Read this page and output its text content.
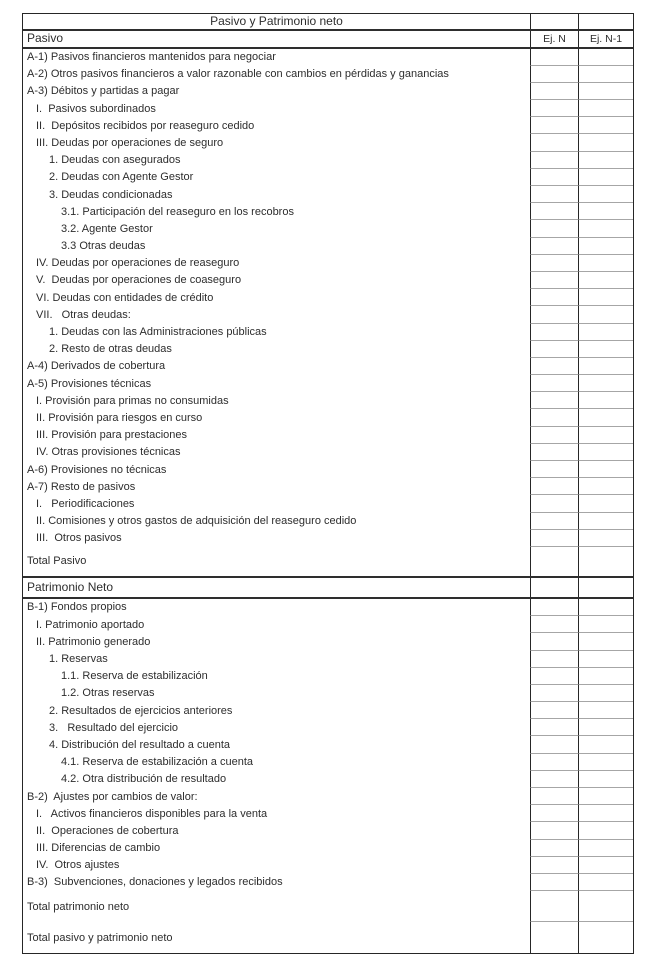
Pasivo y Patrimonio neto
Pasivo	Ej. N	Ej. N-1
A-1) Pasivos financieros mantenidos para negociar
A-2) Otros pasivos financieros a valor razonable con cambios en pérdidas y ganancias
A-3) Débitos y partidas a pagar
I.  Pasivos subordinados
II.  Depósitos recibidos por reaseguro cedido
III. Deudas por operaciones de seguro
1. Deudas con asegurados
2. Deudas con Agente Gestor
3. Deudas condicionadas
3.1. Participación del reaseguro en los recobros
3.2. Agente Gestor
3.3 Otras deudas
IV. Deudas por operaciones de reaseguro
V.  Deudas por operaciones de coaseguro
VI. Deudas con entidades de crédito
VII.   Otras deudas:
1. Deudas con las Administraciones públicas
2. Resto de otras deudas
A-4) Derivados de cobertura
A-5) Provisiones técnicas
I. Provisión para primas no consumidas
II. Provisión para riesgos en curso
III. Provisión para prestaciones
IV. Otras provisiones técnicas
A-6) Provisiones no técnicas
A-7) Resto de pasivos
I.   Periodificaciones
II. Comisiones y otros gastos de adquisición del reaseguro cedido
III.  Otros pasivos
Total Pasivo
Patrimonio Neto
B-1) Fondos propios
I. Patrimonio aportado
II. Patrimonio generado
1. Reservas
1.1. Reserva de estabilización
1.2. Otras reservas
2. Resultados de ejercicios anteriores
3.   Resultado del ejercicio
4. Distribución del resultado a cuenta
4.1. Reserva de estabilización a cuenta
4.2. Otra distribución de resultado
B-2)  Ajustes por cambios de valor:
I.   Activos financieros disponibles para la venta
II.  Operaciones de cobertura
III. Diferencias de cambio
IV.  Otros ajustes
B-3)  Subvenciones, donaciones y legados recibidos
Total patrimonio neto
Total pasivo y patrimonio neto
